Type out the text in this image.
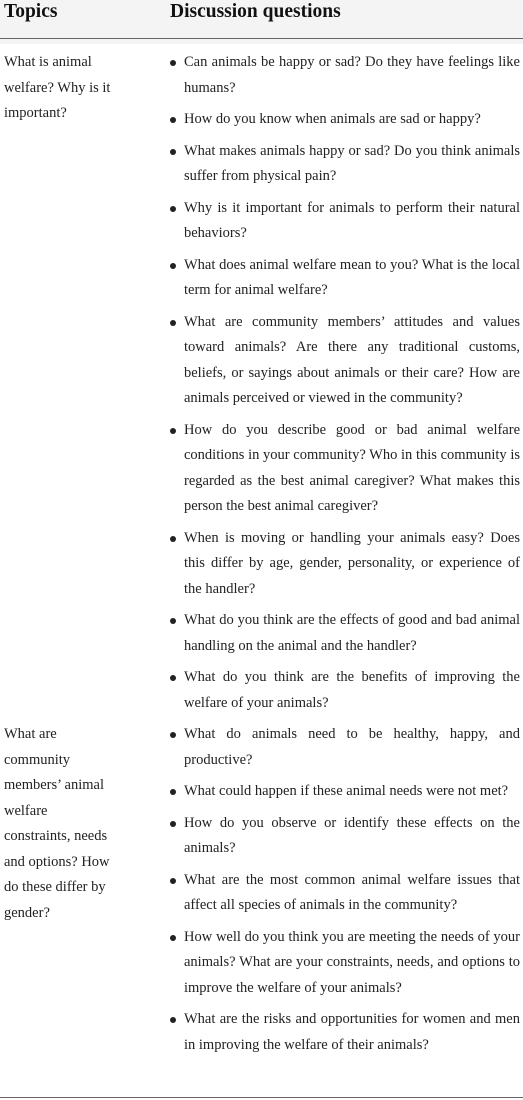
Topics	Discussion questions

What is animal welfare? Why is it important?

Can animals be happy or sad? Do they have feelings like humans?
How do you know when animals are sad or happy?
What makes animals happy or sad? Do you think animals suffer from physical pain?
Why is it important for animals to perform their natural behaviors?
What does animal welfare mean to you? What is the local term for animal welfare?
What are community members’ attitudes and values toward animals? Are there any traditional customs, beliefs, or sayings about animals or their care? How are animals perceived or viewed in the community?
How do you describe good or bad animal welfare conditions in your community? Who in this community is regarded as the best animal caregiver? What makes this person the best animal caregiver?
When is moving or handling your animals easy? Does this differ by age, gender, personality, or experience of the handler?
What do you think are the effects of good and bad animal handling on the animal and the handler?
What do you think are the benefits of improving the welfare of your animals?

What are community members’ animal welfare constraints, needs and options? How do these differ by gender?

What do animals need to be healthy, happy, and productive?
What could happen if these animal needs were not met?
How do you observe or identify these effects on the animals?
What are the most common animal welfare issues that affect all species of animals in the community?
How well do you think you are meeting the needs of your animals? What are your constraints, needs, and options to improve the welfare of your animals?
What are the risks and opportunities for women and men in improving the welfare of their animals?
